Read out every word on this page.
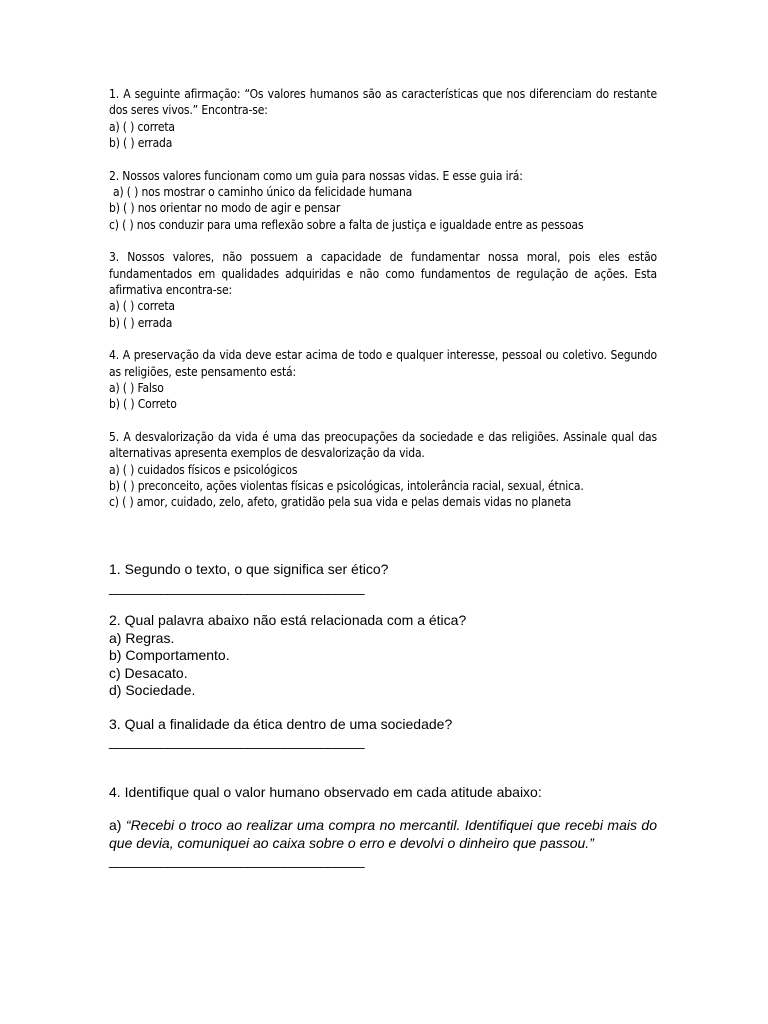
1. A seguinte afirmação: “Os valores humanos são as características que nos diferenciam do restante dos seres vivos.” Encontra-se:

a) ( ) correta

b) ( ) errada

2. Nossos valores funcionam como um guia para nossas vidas. E esse guia irá:

a) ( ) nos mostrar o caminho único da felicidade humana

b) ( ) nos orientar no modo de agir e pensar

c) ( ) nos conduzir para uma reflexão sobre a falta de justiça e igualdade entre as pessoas

3. Nossos valores, não possuem a capacidade de fundamentar nossa moral, pois eles estão fundamentados em qualidades adquiridas e não como fundamentos de regulação de ações. Esta afirmativa encontra-se:

a) ( ) correta

b) ( ) errada

4. A preservação da vida deve estar acima de todo e qualquer interesse, pessoal ou coletivo. Segundo as religiões, este pensamento está:

a) ( ) Falso

b) ( ) Correto

5. A desvalorização da vida é uma das preocupações da sociedade e das religiões. Assinale qual das alternativas apresenta exemplos de desvalorização da vida.

a) ( ) cuidados físicos e psicológicos

b) ( ) preconceito, ações violentas físicas e psicológicas, intolerância racial, sexual, étnica.

c) ( ) amor, cuidado, zelo, afeto, gratidão pela sua vida e pelas demais vidas no planeta

1. Segundo o texto, o que significa ser ético?

___________________________________

2. Qual palavra abaixo não está relacionada com a ética?

a) Regras.

b) Comportamento.

c) Desacato.

d) Sociedade.

3. Qual a finalidade da ética dentro de uma sociedade?

___________________________________

4. Identifique qual o valor humano observado em cada atitude abaixo:

a) “Recebi o troco ao realizar uma compra no mercantil. Identifiquei que recebi mais do que devia, comuniquei ao caixa sobre o erro e devolvi o dinheiro que passou.”

___________________________________
